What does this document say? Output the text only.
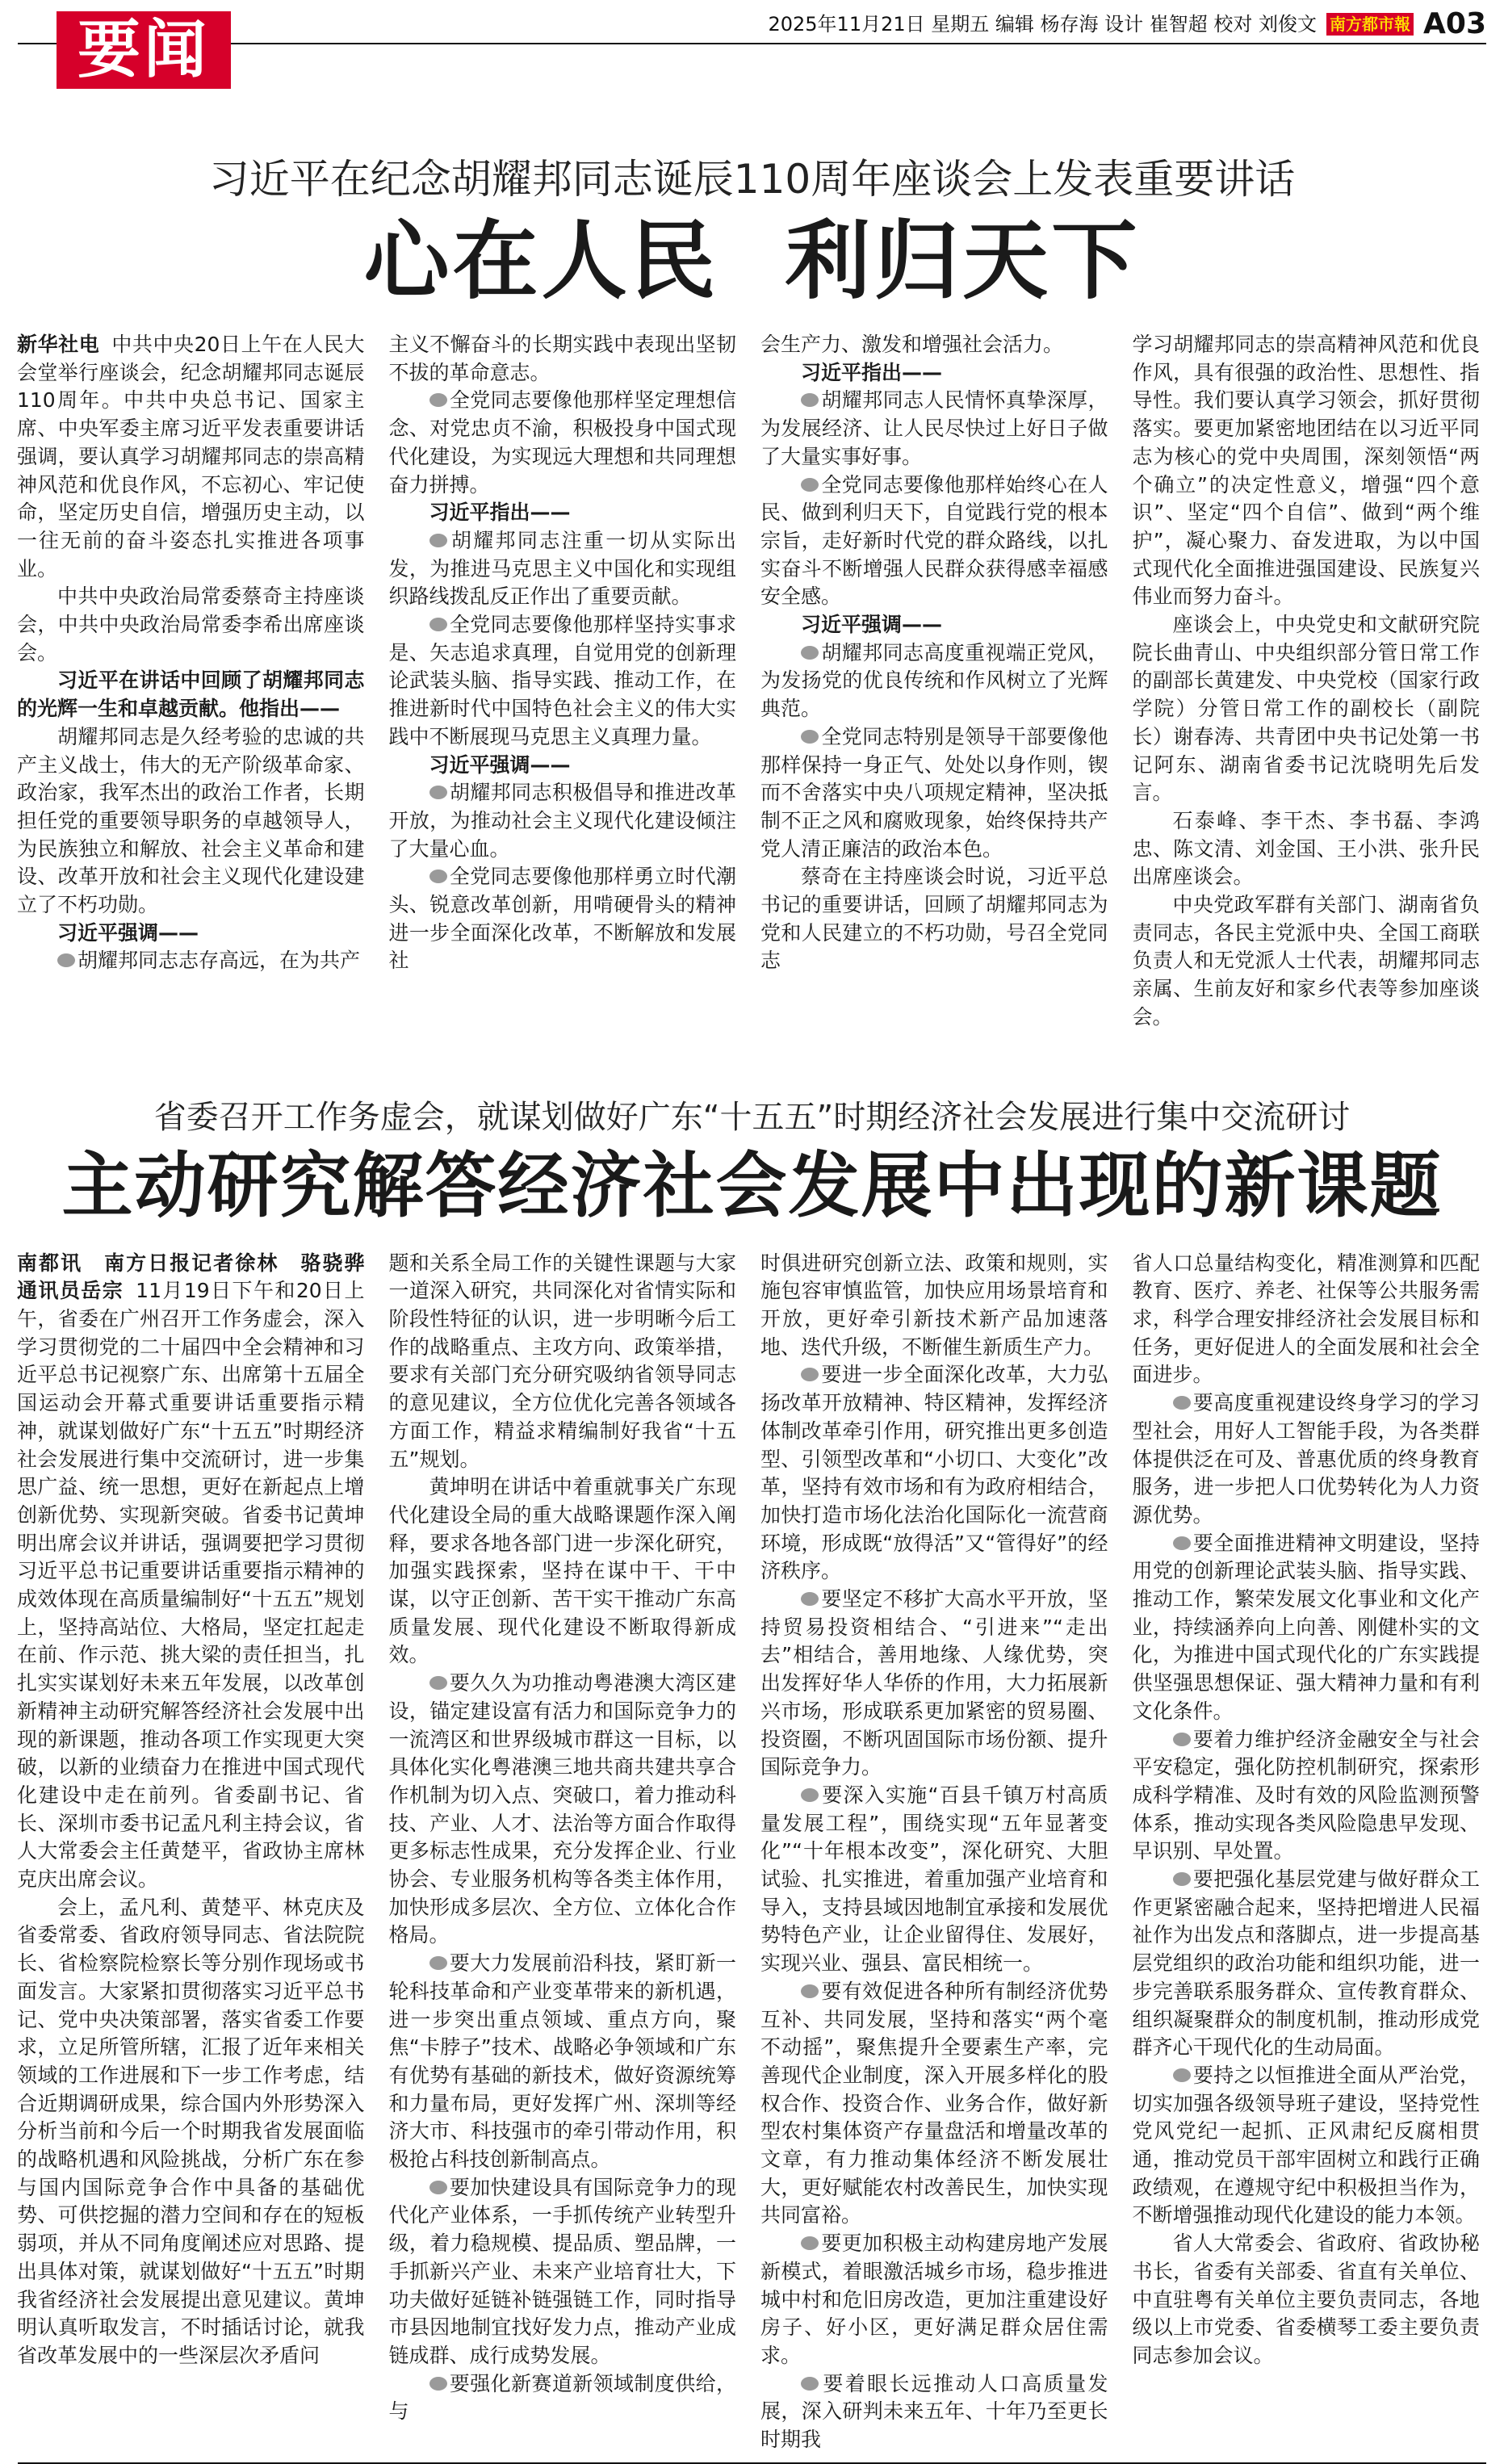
要闻	2025年11月21日 星期五 编辑 杨存海 设计 崔智超 校对 刘俊文 南方都市報 A03
习近平在纪念胡耀邦同志诞辰110周年座谈会上发表重要讲话
心在人民  利归天下

新华社电 中共中央20日上午在人民大会堂举行座谈会，纪念胡耀邦同志诞辰110周年。中共中央总书记、国家主席、中央军委主席习近平发表重要讲话强调，要认真学习胡耀邦同志的崇高精神风范和优良作风，不忘初心、牢记使命，坚定历史自信，增强历史主动，以一往无前的奋斗姿态扎实推进各项事业。

中共中央政治局常委蔡奇主持座谈会，中共中央政治局常委李希出席座谈会。

习近平在讲话中回顾了胡耀邦同志的光辉一生和卓越贡献。他指出——

胡耀邦同志是久经考验的忠诚的共产主义战士，伟大的无产阶级革命家、政治家，我军杰出的政治工作者，长期担任党的重要领导职务的卓越领导人，为民族独立和解放、社会主义革命和建设、改革开放和社会主义现代化建设建立了不朽功勋。

习近平强调——

胡耀邦同志志存高远，在为共产

主义不懈奋斗的长期实践中表现出坚韧不拔的革命意志。

全党同志要像他那样坚定理想信念、对党忠贞不渝，积极投身中国式现代化建设，为实现远大理想和共同理想奋力拼搏。

习近平指出——

胡耀邦同志注重一切从实际出发，为推进马克思主义中国化和实现组织路线拨乱反正作出了重要贡献。

全党同志要像他那样坚持实事求是、矢志追求真理，自觉用党的创新理论武装头脑、指导实践、推动工作，在推进新时代中国特色社会主义的伟大实践中不断展现马克思主义真理力量。

习近平强调——

胡耀邦同志积极倡导和推进改革开放，为推动社会主义现代化建设倾注了大量心血。

全党同志要像他那样勇立时代潮头、锐意改革创新，用啃硬骨头的精神进一步全面深化改革，不断解放和发展社

会生产力、激发和增强社会活力。

习近平指出——

胡耀邦同志人民情怀真挚深厚，为发展经济、让人民尽快过上好日子做了大量实事好事。

全党同志要像他那样始终心在人民、做到利归天下，自觉践行党的根本宗旨，走好新时代党的群众路线，以扎实奋斗不断增强人民群众获得感幸福感安全感。

习近平强调——

胡耀邦同志高度重视端正党风，为发扬党的优良传统和作风树立了光辉典范。

全党同志特别是领导干部要像他那样保持一身正气、处处以身作则，锲而不舍落实中央八项规定精神，坚决抵制不正之风和腐败现象，始终保持共产党人清正廉洁的政治本色。

蔡奇在主持座谈会时说，习近平总书记的重要讲话，回顾了胡耀邦同志为党和人民建立的不朽功勋，号召全党同志

学习胡耀邦同志的崇高精神风范和优良作风，具有很强的政治性、思想性、指导性。我们要认真学习领会，抓好贯彻落实。要更加紧密地团结在以习近平同志为核心的党中央周围，深刻领悟“两个确立”的决定性意义，增强“四个意识”、坚定“四个自信”、做到“两个维护”，凝心聚力、奋发进取，为以中国式现代化全面推进强国建设、民族复兴伟业而努力奋斗。

座谈会上，中央党史和文献研究院院长曲青山、中央组织部分管日常工作的副部长黄建发、中央党校（国家行政学院）分管日常工作的副校长（副院长）谢春涛、共青团中央书记处第一书记阿东、湖南省委书记沈晓明先后发言。

石泰峰、李干杰、李书磊、李鸿忠、陈文清、刘金国、王小洪、张升民出席座谈会。

中央党政军群有关部门、湖南省负责同志，各民主党派中央、全国工商联负责人和无党派人士代表，胡耀邦同志亲属、生前友好和家乡代表等参加座谈会。

省委召开工作务虚会，就谋划做好广东“十五五”时期经济社会发展进行集中交流研讨
主动研究解答经济社会发展中出现的新课题

南都讯　南方日报记者徐林　骆骁骅　通讯员岳宗 11月19日下午和20日上午，省委在广州召开工作务虚会，深入学习贯彻党的二十届四中全会精神和习近平总书记视察广东、出席第十五届全国运动会开幕式重要讲话重要指示精神，就谋划做好广东“十五五”时期经济社会发展进行集中交流研讨，进一步集思广益、统一思想，更好在新起点上增创新优势、实现新突破。省委书记黄坤明出席会议并讲话，强调要把学习贯彻习近平总书记重要讲话重要指示精神的成效体现在高质量编制好“十五五”规划上，坚持高站位、大格局，坚定扛起走在前、作示范、挑大梁的责任担当，扎扎实实谋划好未来五年发展，以改革创新精神主动研究解答经济社会发展中出现的新课题，推动各项工作实现更大突破，以新的业绩奋力在推进中国式现代化建设中走在前列。省委副书记、省长、深圳市委书记孟凡利主持会议，省人大常委会主任黄楚平，省政协主席林克庆出席会议。

会上，孟凡利、黄楚平、林克庆及省委常委、省政府领导同志、省法院院长、省检察院检察长等分别作现场或书面发言。大家紧扣贯彻落实习近平总书记、党中央决策部署，落实省委工作要求，立足所管所辖，汇报了近年来相关领域的工作进展和下一步工作考虑，结合近期调研成果，综合国内外形势深入分析当前和今后一个时期我省发展面临的战略机遇和风险挑战，分析广东在参与国内国际竞争合作中具备的基础优势、可供挖掘的潜力空间和存在的短板弱项，并从不同角度阐述应对思路、提出具体对策，就谋划做好“十五五”时期我省经济社会发展提出意见建议。黄坤明认真听取发言，不时插话讨论，就我省改革发展中的一些深层次矛盾问

题和关系全局工作的关键性课题与大家一道深入研究，共同深化对省情实际和阶段性特征的认识，进一步明晰今后工作的战略重点、主攻方向、政策举措，要求有关部门充分研究吸纳省领导同志的意见建议，全方位优化完善各领域各方面工作，精益求精编制好我省“十五五”规划。

黄坤明在讲话中着重就事关广东现代化建设全局的重大战略课题作深入阐释，要求各地各部门进一步深化研究，加强实践探索，坚持在谋中干、干中谋，以守正创新、苦干实干推动广东高质量发展、现代化建设不断取得新成效。

要久久为功推动粤港澳大湾区建设，锚定建设富有活力和国际竞争力的一流湾区和世界级城市群这一目标，以具体化实化粤港澳三地共商共建共享合作机制为切入点、突破口，着力推动科技、产业、人才、法治等方面合作取得更多标志性成果，充分发挥企业、行业协会、专业服务机构等各类主体作用，加快形成多层次、全方位、立体化合作格局。

要大力发展前沿科技，紧盯新一轮科技革命和产业变革带来的新机遇，进一步突出重点领域、重点方向，聚焦“卡脖子”技术、战略必争领域和广东有优势有基础的新技术，做好资源统筹和力量布局，更好发挥广州、深圳等经济大市、科技强市的牵引带动作用，积极抢占科技创新制高点。

要加快建设具有国际竞争力的现代化产业体系，一手抓传统产业转型升级，着力稳规模、提品质、塑品牌，一手抓新兴产业、未来产业培育壮大，下功夫做好延链补链强链工作，同时指导市县因地制宜找好发力点，推动产业成链成群、成行成势发展。

要强化新赛道新领域制度供给，与

时俱进研究创新立法、政策和规则，实施包容审慎监管，加快应用场景培育和开放，更好牵引新技术新产品加速落地、迭代升级，不断催生新质生产力。

要进一步全面深化改革，大力弘扬改革开放精神、特区精神，发挥经济体制改革牵引作用，研究推出更多创造型、引领型改革和“小切口、大变化”改革，坚持有效市场和有为政府相结合，加快打造市场化法治化国际化一流营商环境，形成既“放得活”又“管得好”的经济秩序。

要坚定不移扩大高水平开放，坚持贸易投资相结合、“引进来”“走出去”相结合，善用地缘、人缘优势，突出发挥好华人华侨的作用，大力拓展新兴市场，形成联系更加紧密的贸易圈、投资圈，不断巩固国际市场份额、提升国际竞争力。

要深入实施“百县千镇万村高质量发展工程”，围绕实现“五年显著变化”“十年根本改变”，深化研究、大胆试验、扎实推进，着重加强产业培育和导入，支持县域因地制宜承接和发展优势特色产业，让企业留得住、发展好，实现兴业、强县、富民相统一。

要有效促进各种所有制经济优势互补、共同发展，坚持和落实“两个毫不动摇”，聚焦提升全要素生产率，完善现代企业制度，深入开展多样化的股权合作、投资合作、业务合作，做好新型农村集体资产存量盘活和增量改革的文章，有力推动集体经济不断发展壮大，更好赋能农村改善民生，加快实现共同富裕。

要更加积极主动构建房地产发展新模式，着眼激活城乡市场，稳步推进城中村和危旧房改造，更加注重建设好房子、好小区，更好满足群众居住需求。

要着眼长远推动人口高质量发展，深入研判未来五年、十年乃至更长时期我

省人口总量结构变化，精准测算和匹配教育、医疗、养老、社保等公共服务需求，科学合理安排经济社会发展目标和任务，更好促进人的全面发展和社会全面进步。

要高度重视建设终身学习的学习型社会，用好人工智能手段，为各类群体提供泛在可及、普惠优质的终身教育服务，进一步把人口优势转化为人力资源优势。

要全面推进精神文明建设，坚持用党的创新理论武装头脑、指导实践、推动工作，繁荣发展文化事业和文化产业，持续涵养向上向善、刚健朴实的文化，为推进中国式现代化的广东实践提供坚强思想保证、强大精神力量和有利文化条件。

要着力维护经济金融安全与社会平安稳定，强化防控机制研究，探索形成科学精准、及时有效的风险监测预警体系，推动实现各类风险隐患早发现、早识别、早处置。

要把强化基层党建与做好群众工作更紧密融合起来，坚持把增进人民福祉作为出发点和落脚点，进一步提高基层党组织的政治功能和组织功能，进一步完善联系服务群众、宣传教育群众、组织凝聚群众的制度机制，推动形成党群齐心干现代化的生动局面。

要持之以恒推进全面从严治党，切实加强各级领导班子建设，坚持党性党风党纪一起抓、正风肃纪反腐相贯通，推动党员干部牢固树立和践行正确政绩观，在遵规守纪中积极担当作为，不断增强推动现代化建设的能力本领。

省人大常委会、省政府、省政协秘书长，省委有关部委、省直有关单位、中直驻粤有关单位主要负责同志，各地级以上市党委、省委横琴工委主要负责同志参加会议。
